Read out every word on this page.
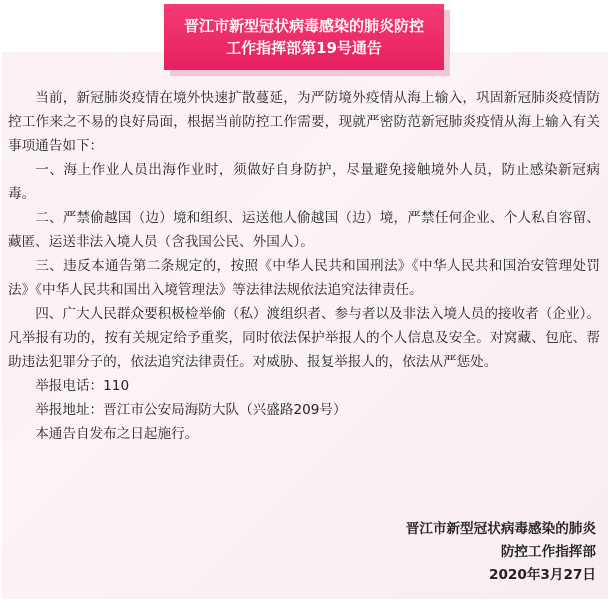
晋江市新型冠状病毒感染的肺炎防控
工作指挥部第19号通告

当前，新冠肺炎疫情在境外快速扩散蔓延，为严防境外疫情从海上输入，巩固新冠肺炎疫情防控工作来之不易的良好局面，根据当前防控工作需要，现就严密防范新冠肺炎疫情从海上输入有关事项通告如下：

一、海上作业人员出海作业时，须做好自身防护，尽量避免接触境外人员，防止感染新冠病毒。

二、严禁偷越国（边）境和组织、运送他人偷越国（边）境，严禁任何企业、个人私自容留、藏匿、运送非法入境人员（含我国公民、外国人）。

三、违反本通告第二条规定的，按照《中华人民共和国刑法》《中华人民共和国治安管理处罚法》《中华人民共和国出入境管理法》等法律法规依法追究法律责任。

四、广大人民群众要积极检举偷（私）渡组织者、参与者以及非法入境人员的接收者（企业）。凡举报有功的，按有关规定给予重奖，同时依法保护举报人的个人信息及安全。对窝藏、包庇、帮助违法犯罪分子的，依法追究法律责任。对威胁、报复举报人的，依法从严惩处。

举报电话：110

举报地址：晋江市公安局海防大队（兴盛路209号）

本通告自发布之日起施行。

晋江市新型冠状病毒感染的肺炎
防控工作指挥部
2020年3月27日
